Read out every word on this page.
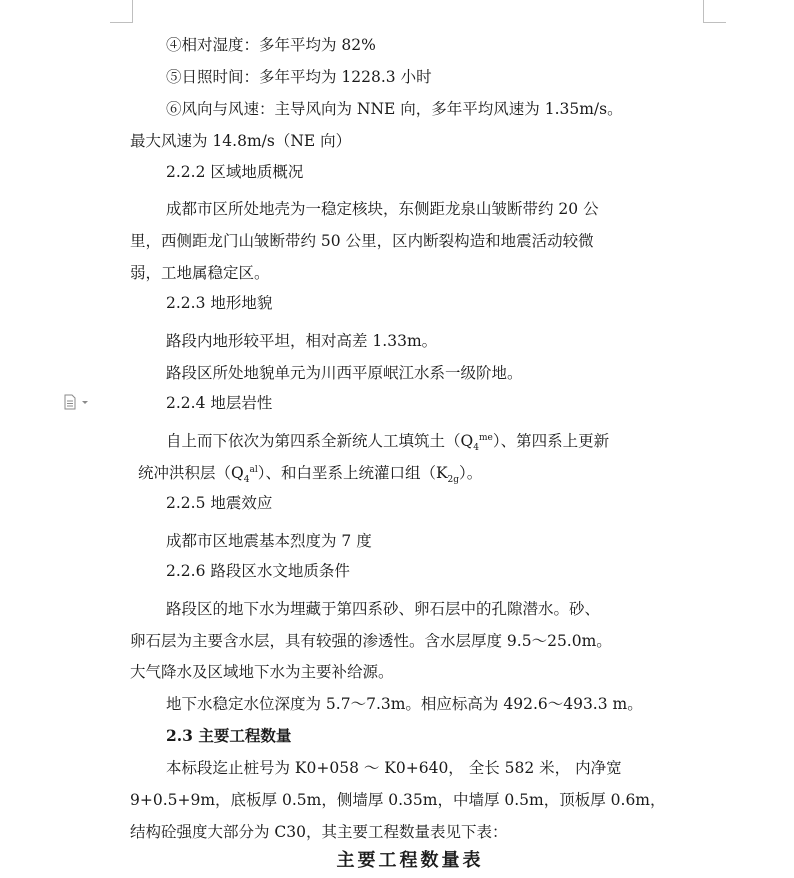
④相对湿度：多年平均为 82%
⑤日照时间：多年平均为 1228.3 小时
⑥风向与风速：主导风向为 NNE 向，多年平均风速为 1.35m/s。
最大风速为 14.8m/s（NE 向）
2.2.2 区域地质概况
成都市区所处地壳为一稳定核块，东侧距龙泉山皱断带约 20 公
里，西侧距龙门山皱断带约 50 公里，区内断裂构造和地震活动较微
弱，工地属稳定区。
2.2.3 地形地貌
路段内地形较平坦，相对高差 1.33m。
路段区所处地貌单元为川西平原岷江水系一级阶地。
2.2.4 地层岩性
自上而下依次为第四系全新统人工填筑土$(Q_4^{me})$、第四系上更新
统冲洪积层$(Q_4^{al})$、和白垩系上统灌口组$(K_{2g})$。
2.2.5 地震效应
成都市区地震基本烈度为 7 度
2.2.6 路段区水文地质条件
路段区的地下水为埋藏于第四系砂、卵石层中的孔隙潜水。砂、
卵石层为主要含水层，具有较强的渗透性。含水层厚度 9.5～25.0m。
大气降水及区域地下水为主要补给源。
地下水稳定水位深度为 5.7～7.3m。相应标高为 492.6～493.3 m。
2.3 主要工程数量
本标段迄止桩号为 K0+058 ～ K0+640， 全长 582 米， 内净宽
9+0.5+9m，底板厚 0.5m，侧墙厚 0.35m，中墙厚 0.5m，顶板厚 0.6m，
结构砼强度大部分为 C30，其主要工程数量表见下表：
主要工程数量表
